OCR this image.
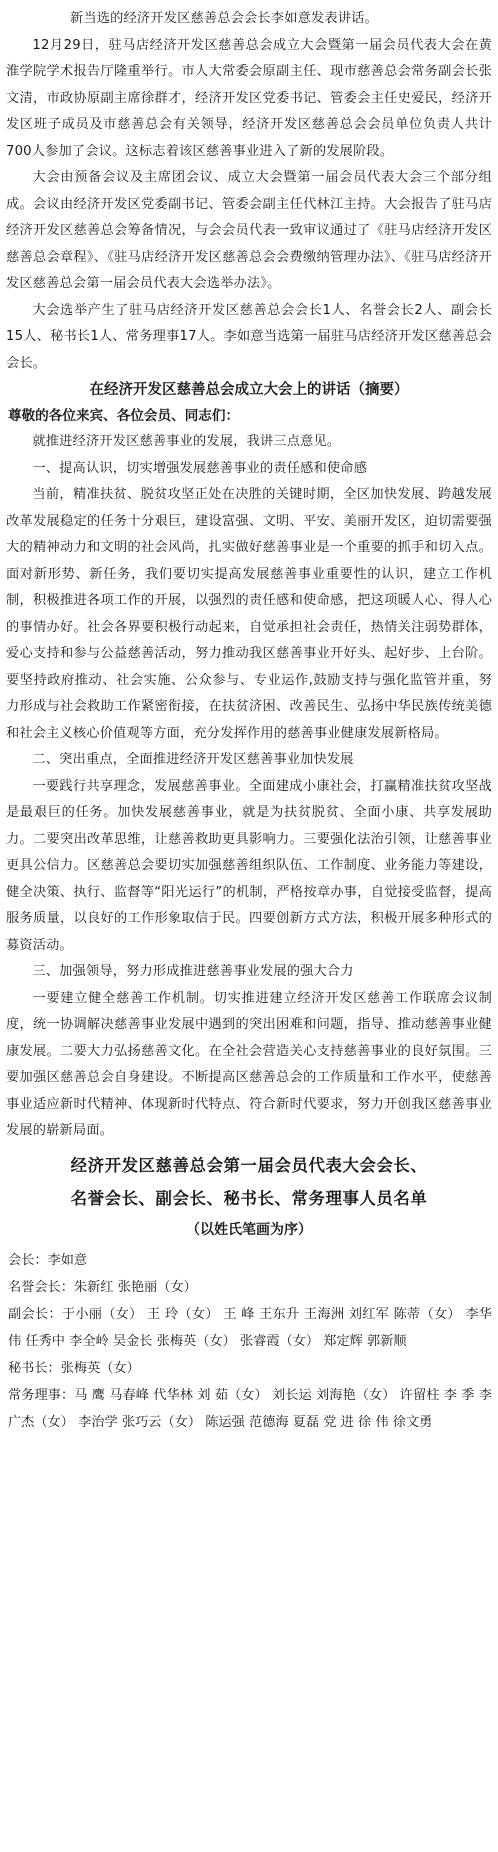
新当选的经济开发区慈善总会会长李如意发表讲话。

12月29日，驻马店经济开发区慈善总会成立大会暨第一届会员代表大会在黄淮学院学术报告厅隆重举行。市人大常委会原副主任、现市慈善总会常务副会长张文清，市政协原副主席徐群才，经济开发区党委书记、管委会主任史爱民，经济开发区班子成员及市慈善总会有关领导，经济开发区慈善总会会员单位负责人共计700人参加了会议。这标志着该区慈善事业进入了新的发展阶段。

大会由预备会议及主席团会议、成立大会暨第一届会员代表大会三个部分组成。会议由经济开发区党委副书记、管委会副主任代林江主持。大会报告了驻马店经济开发区慈善总会筹备情况，与会会员代表一致审议通过了《驻马店经济开发区慈善总会章程》、《驻马店经济开发区慈善总会会费缴纳管理办法》、《驻马店经济开发区慈善总会第一届会员代表大会选举办法》。

大会选举产生了驻马店经济开发区慈善总会会长1人、名誉会长2人、副会长15人、秘书长1人、常务理事17人。李如意当选第一届驻马店经济开发区慈善总会会长。

在经济开发区慈善总会成立大会上的讲话（摘要）

尊敬的各位来宾、各位会员、同志们：

就推进经济开发区慈善事业的发展，我讲三点意见。

一、提高认识，切实增强发展慈善事业的责任感和使命感

当前，精准扶贫、脱贫攻坚正处在决胜的关键时期，全区加快发展、跨越发展改革发展稳定的任务十分艰巨，建设富强、文明、平安、美丽开发区，迫切需要强大的精神动力和文明的社会风尚，扎实做好慈善事业是一个重要的抓手和切入点。面对新形势、新任务，我们要切实提高发展慈善事业重要性的认识，建立工作机制，积极推进各项工作的开展，以强烈的责任感和使命感，把这项暖人心、得人心的事情办好。社会各界要积极行动起来，自觉承担社会责任，热情关注弱势群体，爱心支持和参与公益慈善活动，努力推动我区慈善事业开好头、起好步、上台阶。要坚持政府推动、社会实施、公众参与、专业运作,鼓励支持与强化监管并重，努力形成与社会救助工作紧密衔接，在扶贫济困、改善民生、弘扬中华民族传统美德和社会主义核心价值观等方面，充分发挥作用的慈善事业健康发展新格局。

二、突出重点，全面推进经济开发区慈善事业加快发展

一要践行共享理念，发展慈善事业。全面建成小康社会，打赢精准扶贫攻坚战是最艰巨的任务。加快发展慈善事业，就是为扶贫脱贫、全面小康、共享发展助力。二要突出改革思维，让慈善救助更具影响力。三要强化法治引领，让慈善事业更具公信力。区慈善总会要切实加强慈善组织队伍、工作制度、业务能力等建设，健全决策、执行、监督等“阳光运行”的机制，严格按章办事，自觉接受监督，提高服务质量，以良好的工作形象取信于民。四要创新方式方法，积极开展多种形式的募资活动。

三、加强领导，努力形成推进慈善事业发展的强大合力

一要建立健全慈善工作机制。切实推进建立经济开发区慈善工作联席会议制度，统一协调解决慈善事业发展中遇到的突出困难和问题，指导、推动慈善事业健康发展。二要大力弘扬慈善文化。在全社会营造关心支持慈善事业的良好氛围。三要加强区慈善总会自身建设。不断提高区慈善总会的工作质量和工作水平，使慈善事业适应新时代精神、体现新时代特点、符合新时代要求，努力开创我区慈善事业发展的崭新局面。

经济开发区慈善总会第一届会员代表大会会长、

名誉会长、副会长、秘书长、常务理事人员名单

（以姓氏笔画为序）

会长：李如意

名誉会长：朱新红 张艳丽（女）

副会长：于小丽（女） 王 玲（女） 王 峰 王东升 王海洲 刘红军 陈蒂（女） 李华伟 任秀中 李全岭 吴金长 张梅英（女） 张睿霞（女） 郑定辉 郭新顺

秘书长：张梅英（女）

常务理事：马 鹰 马春峰 代华林 刘 茹（女） 刘长运 刘海艳（女） 许留柱 李 季 李广杰（女） 李治学 张巧云（女） 陈运强 范德海 夏磊 党 进 徐 伟 徐文勇
